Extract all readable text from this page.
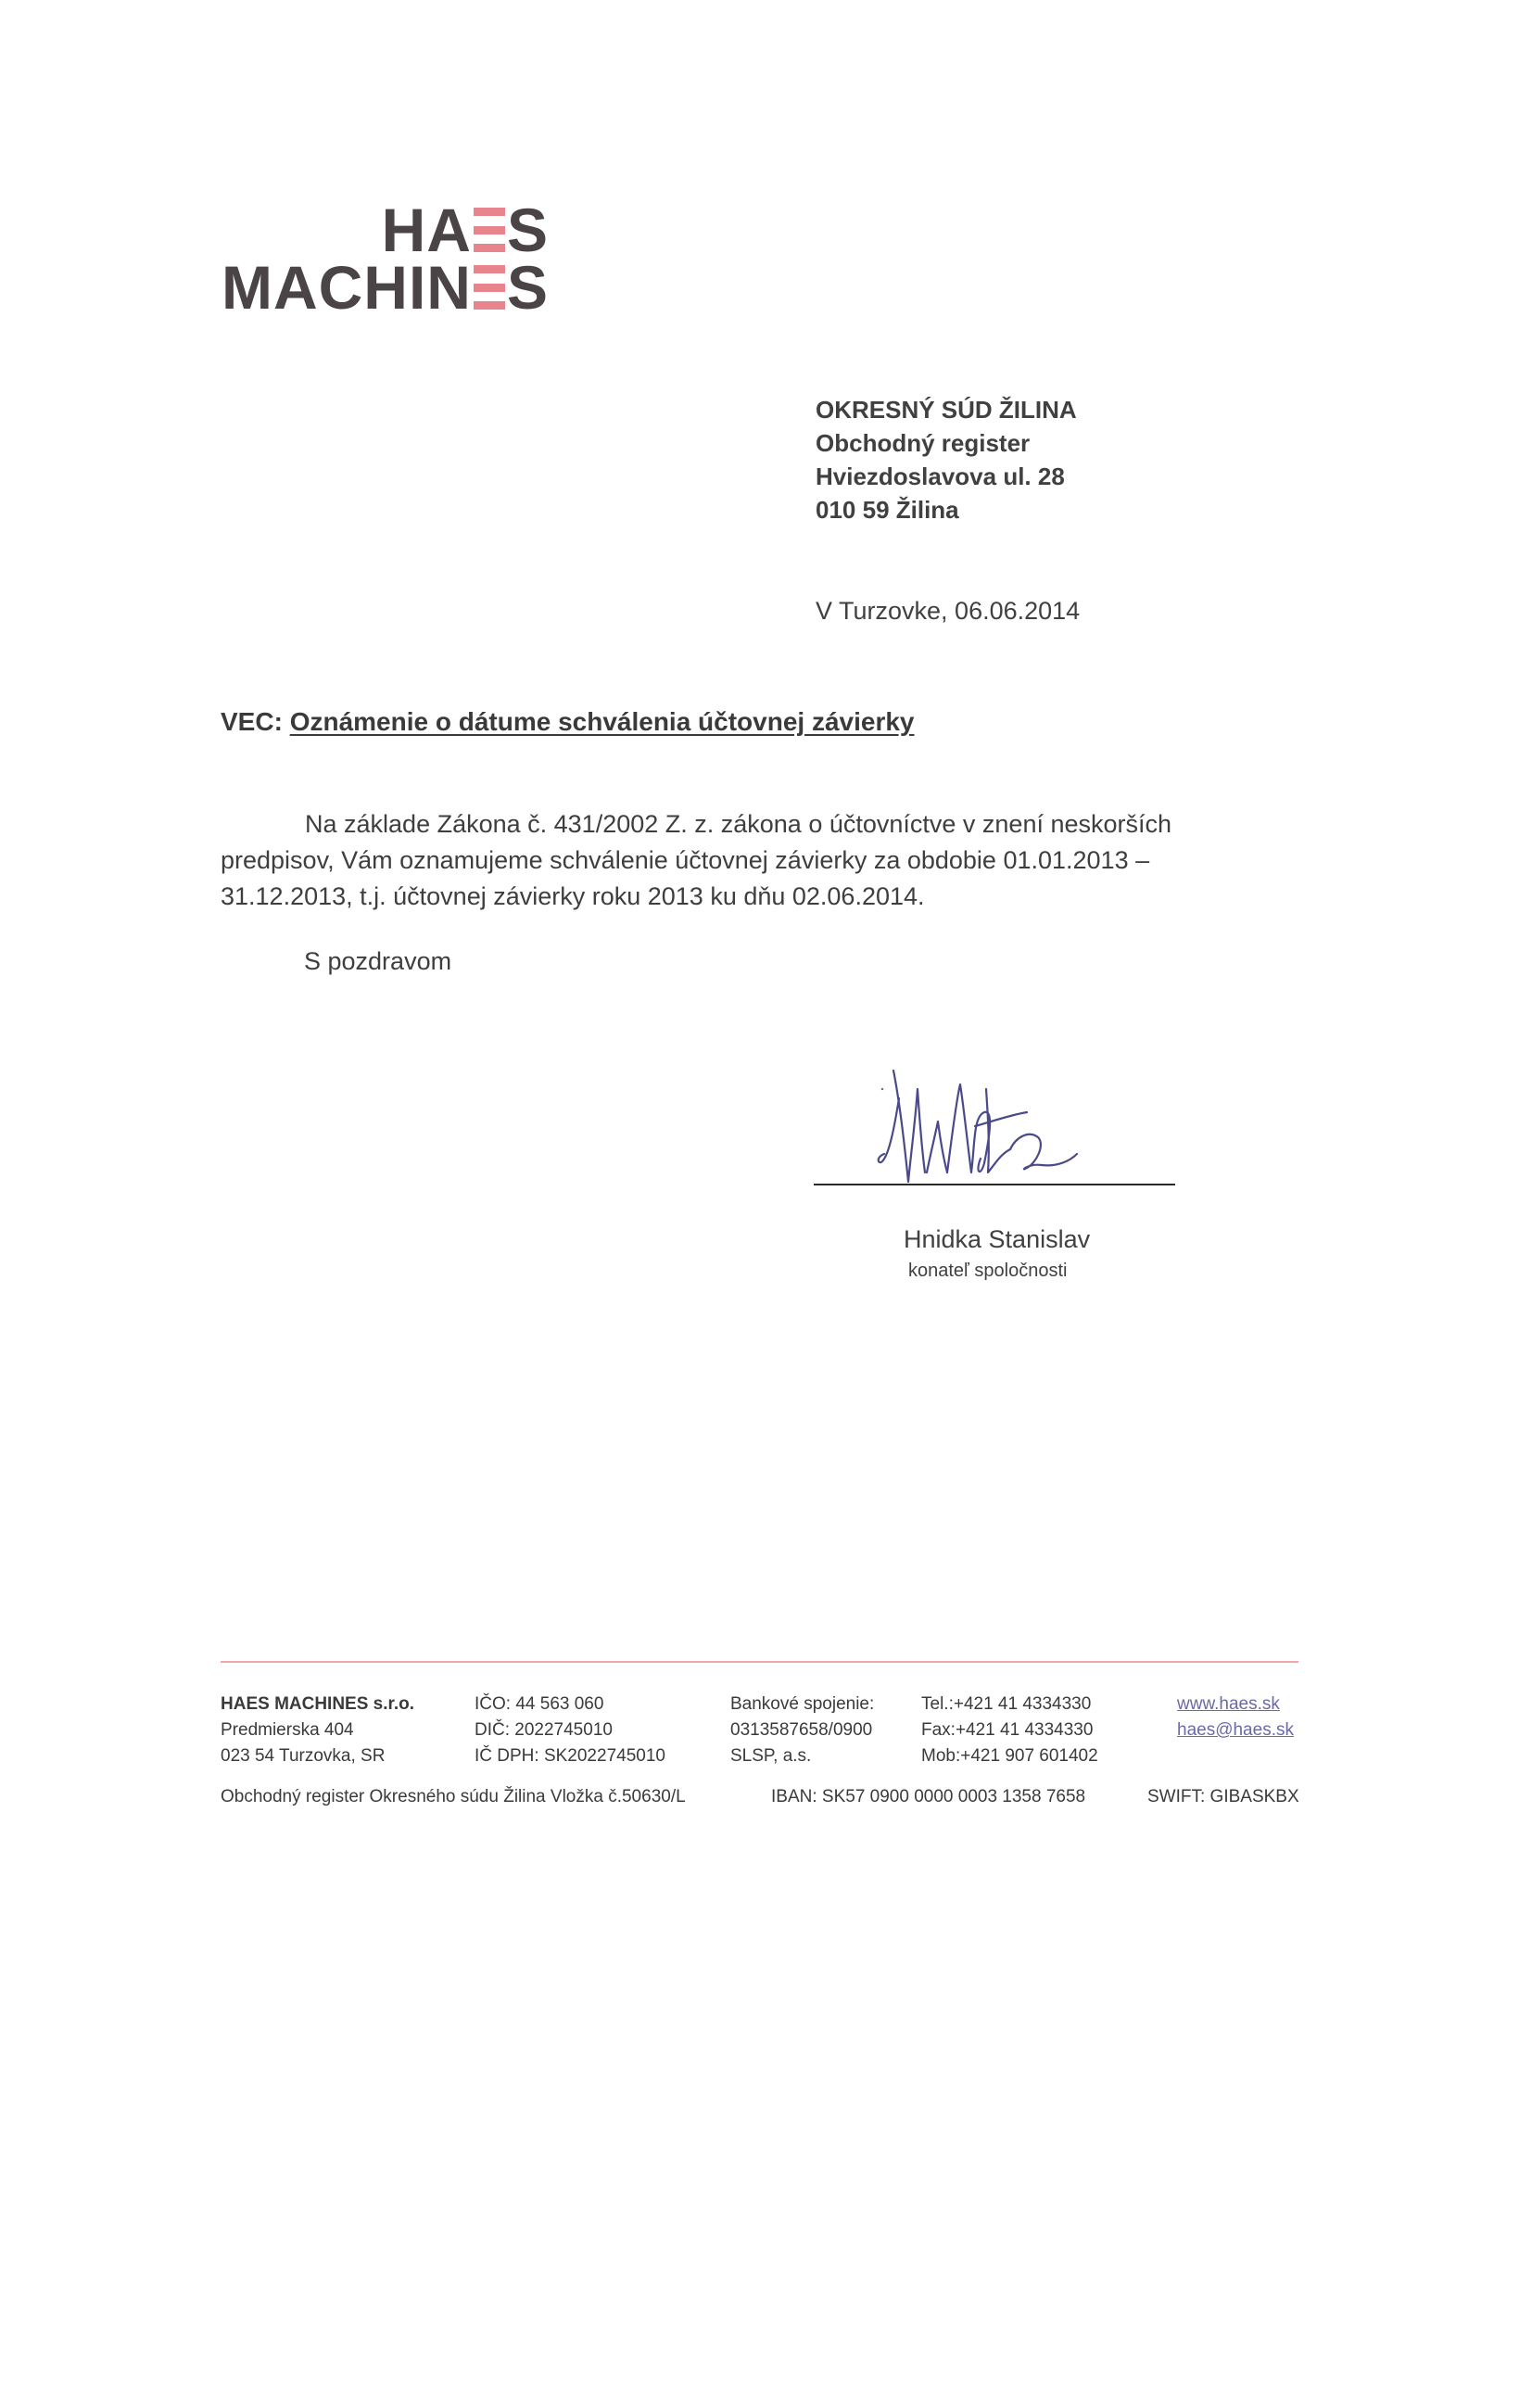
HA S
MACHIN S
OKRESNÝ SÚD ŽILINA
Obchodný register
Hviezdoslavova ul. 28
010 59 Žilina
V Turzovke, 06.06.2014
VEC: Oznámenie o dátume schválenia účtovnej závierky

Na základe Zákona č. 431/2002 Z. z. zákona o účtovníctve v znení neskorších

predpisov, Vám oznamujeme schválenie účtovnej závierky za obdobie 01.01.2013 –

31.12.2013, t.j. účtovnej závierky roku 2013 ku dňu 02.06.2014.

S pozdravom
Hnidka Stanislav
konateľ spoločnosti
HAES MACHINES s.r.o.
Predmierska 404
023 54 Turzovka, SR
IČO: 44 563 060
DIČ: 2022745010
IČ DPH: SK2022745010
Bankové spojenie:
0313587658/0900
SLSP, a.s.
Tel.:+421 41 4334330
Fax:+421 41 4334330
Mob:+421 907 601402
www.haes.sk
haes@haes.sk
Obchodný register Okresného súdu Žilina Vložka č.50630/L	IBAN: SK57 0900 0000 0003 1358 7658	SWIFT: GIBASKBX
